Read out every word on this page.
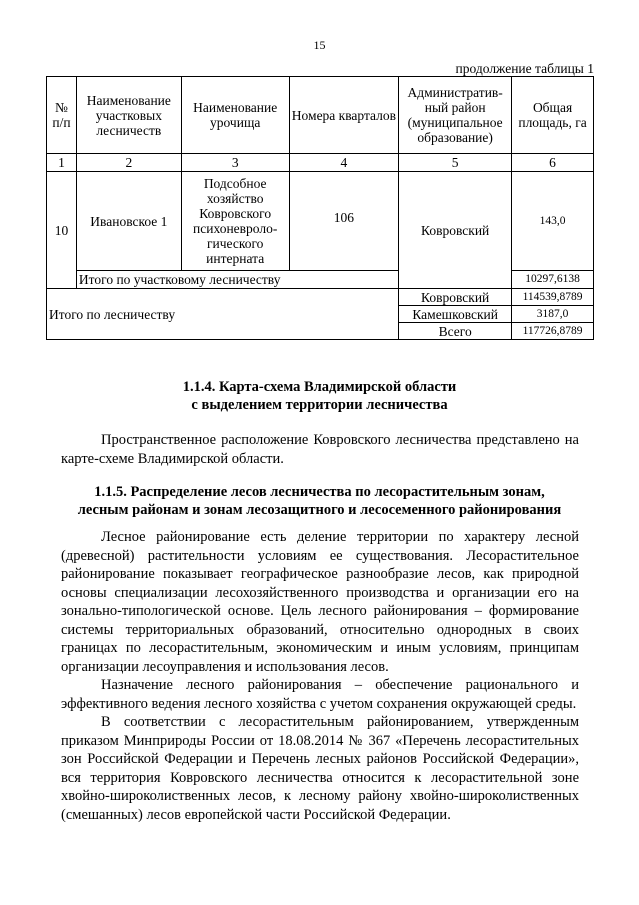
15
продолжение таблицы 1
№ п/п	Наименование участковых лесничеств	Наименование урочища	Номера кварталов	Административ-ный район (муниципальное образование)	Общая площадь, га
1	2	3	4	5	6
10	Ивановское 1	Подсобное хозяйство Ковровского психоневроло-гического интерната	106	Ковровский	143,0
	Итого по участковому лесничеству				10297,6138
Итого по лесничеству				Ковровский	114539,8789
				Камешковский	3187,0
				Всего	117726,8789
1.1.4. Карта-схема Владимирской области
с выделением территории лесничества

Пространственное расположение Ковровского лесничества представлено на карте-схеме Владимирской области.

1.1.5. Распределение лесов лесничества по лесорастительным зонам,
лесным районам и зонам лесозащитного и лесосеменного районирования

Лесное районирование есть деление территории по характеру лесной (древесной) растительности условиям ее существования. Лесорастительное районирование показывает географическое разнообразие лесов, как природной основы специализации лесохозяйственного производства и организации его на зонально-типологической основе. Цель лесного районирования – формирование системы территориальных образований, относительно однородных в своих границах по лесорастительным, экономическим и иным условиям, принципам организации лесоуправления и использования лесов.

Назначение лесного районирования – обеспечение рационального и эффективного ведения лесного хозяйства с учетом сохранения окружающей среды.

В соответствии с лесорастительным районированием, утвержденным приказом Минприроды России от 18.08.2014 № 367 «Перечень лесорастительных зон Российской Федерации и Перечень лесных районов Российской Федерации», вся территория Ковровского лесничества относится к лесорастительной зоне хвойно-широколиственных лесов, к лесному району хвойно-широколиственных (смешанных) лесов европейской части Российской Федерации.
